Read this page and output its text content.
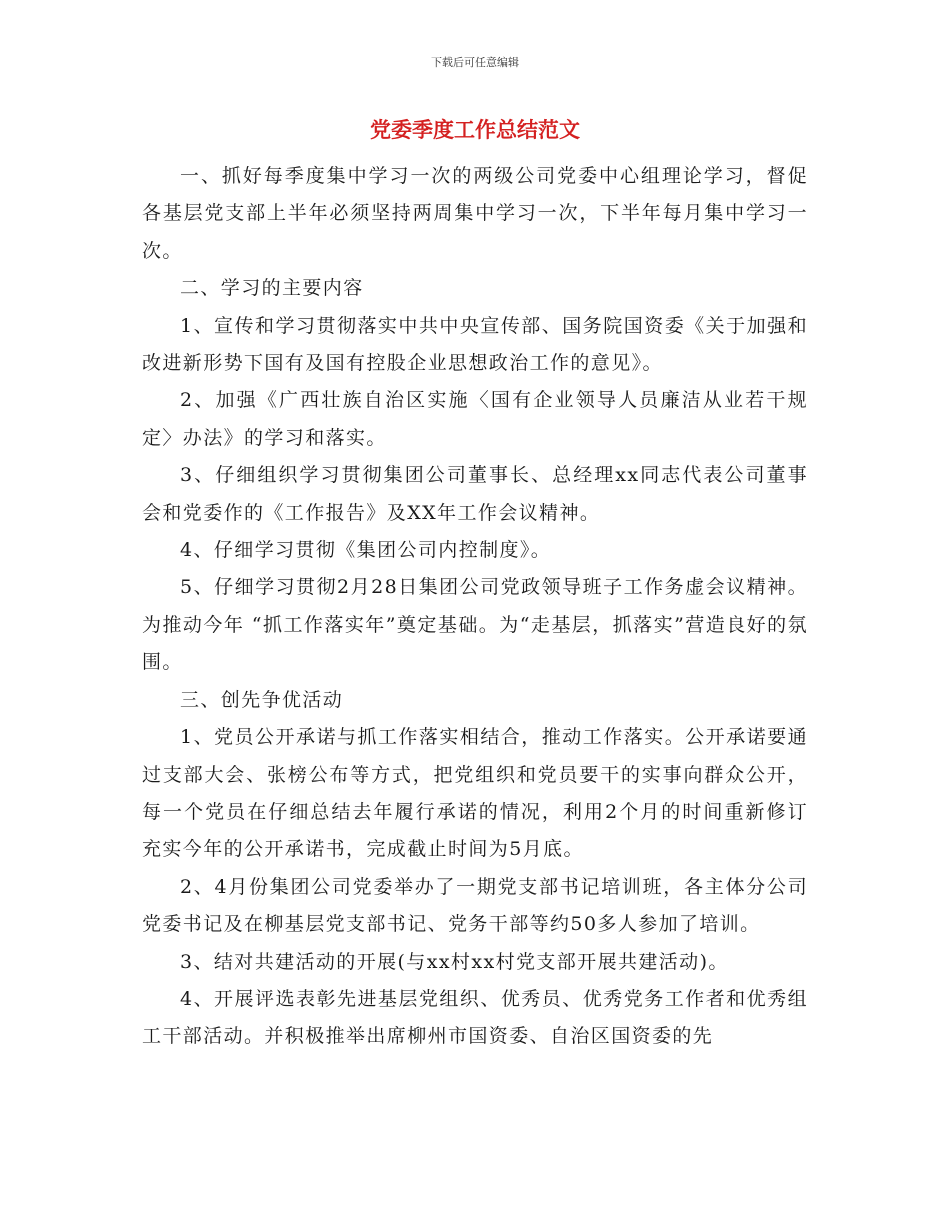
下载后可任意编辑
党委季度工作总结范文

一、抓好每季度集中学习一次的两级公司党委中心组理论学习，督促各基层党支部上半年必须坚持两周集中学习一次，下半年每月集中学习一次。

二、学习的主要内容

1、宣传和学习贯彻落实中共中央宣传部、国务院国资委《关于加强和改进新形势下国有及国有控股企业思想政治工作的意见》。

2、加强《广西壮族自治区实施〈国有企业领导人员廉洁从业若干规定〉办法》的学习和落实。

3、仔细组织学习贯彻集团公司董事长、总经理xx同志代表公司董事会和党委作的《工作报告》及XX年工作会议精神。

4、仔细学习贯彻《集团公司内控制度》。

5、仔细学习贯彻2月28日集团公司党政领导班子工作务虚会议精神。为推动今年 “抓工作落实年”奠定基础。为“走基层，抓落实”营造良好的氛围。

三、创先争优活动

1、党员公开承诺与抓工作落实相结合，推动工作落实。公开承诺要通过支部大会、张榜公布等方式，把党组织和党员要干的实事向群众公开，每一个党员在仔细总结去年履行承诺的情况，利用2个月的时间重新修订充实今年的公开承诺书，完成截止时间为5月底。

2、4月份集团公司党委举办了一期党支部书记培训班，各主体分公司党委书记及在柳基层党支部书记、党务干部等约50多人参加了培训。

3、结对共建活动的开展(与xx村xx村党支部开展共建活动)。

4、开展评选表彰先进基层党组织、优秀员、优秀党务工作者和优秀组工干部活动。并积极推举出席柳州市国资委、自治区国资委的先
